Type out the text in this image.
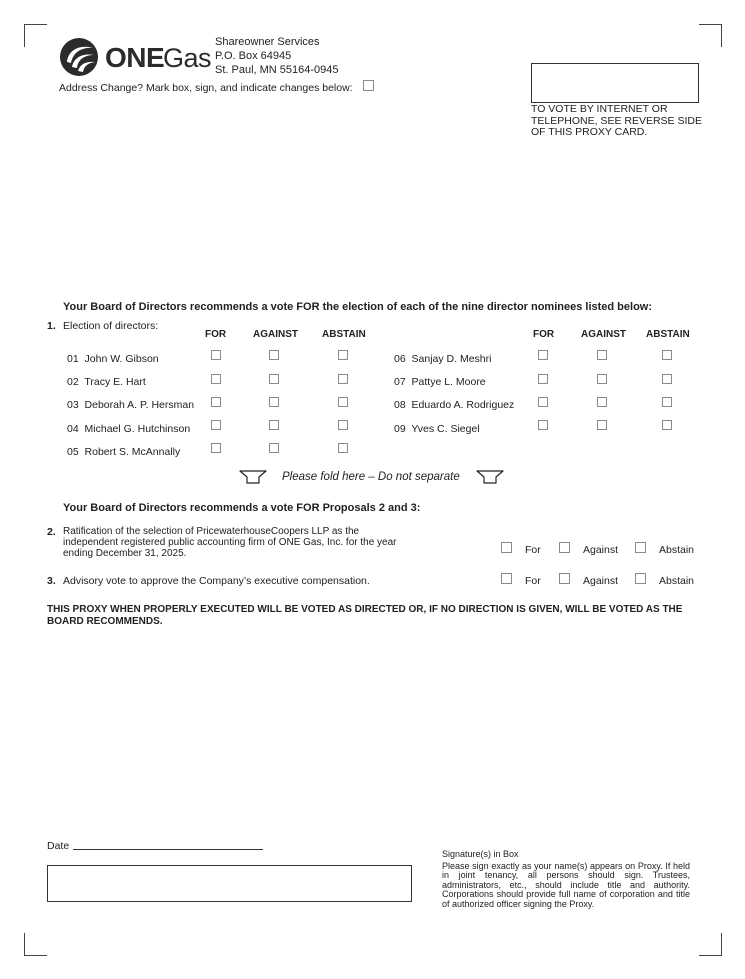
ONE
Gas
Shareowner Services
P.O. Box 64945
St. Paul, MN 55164-0945
Address Change? Mark box, sign, and indicate changes below:
TO VOTE BY INTERNET OR
TELEPHONE, SEE REVERSE SIDE
OF THIS PROXY CARD.
Your Board of Directors recommends a vote FOR the election of each of the nine director nominees listed below:
1. Election of directors:
FOR	AGAINST ABSTAIN	FOR	AGAINST ABSTAIN
01 John W. Gibson
02 Tracy E. Hart
03 Deborah A. P. Hersman
04 Michael G. Hutchinson
05 Robert S. McAnnally
06 Sanjay D. Meshri
07 Pattye L. Moore
08 Eduardo A. Rodriguez
09 Yves C. Siegel
Please fold here – Do not separate
Your Board of Directors recommends a vote FOR Proposals 2 and 3:
2. Ratification of the selection of PricewaterhouseCoopers LLP as the
independent registered public accounting firm of ONE Gas, Inc. for the year
ending December 31, 2025.	For	Against	Abstain
3. Advisory vote to approve the Company’s executive compensation.	For	Against	Abstain
THIS PROXY WHEN PROPERLY EXECUTED WILL BE VOTED AS DIRECTED OR, IF NO DIRECTION IS GIVEN, WILL BE VOTED AS THE
BOARD RECOMMENDS.
Date
Signature(s) in Box
Please sign exactly as your name(s) appears on Proxy. If held in joint tenancy, all persons should sign. Trustees, administrators, etc., should include title and authority. Corporations should provide full name of corporation and title of authorized officer signing the Proxy.
